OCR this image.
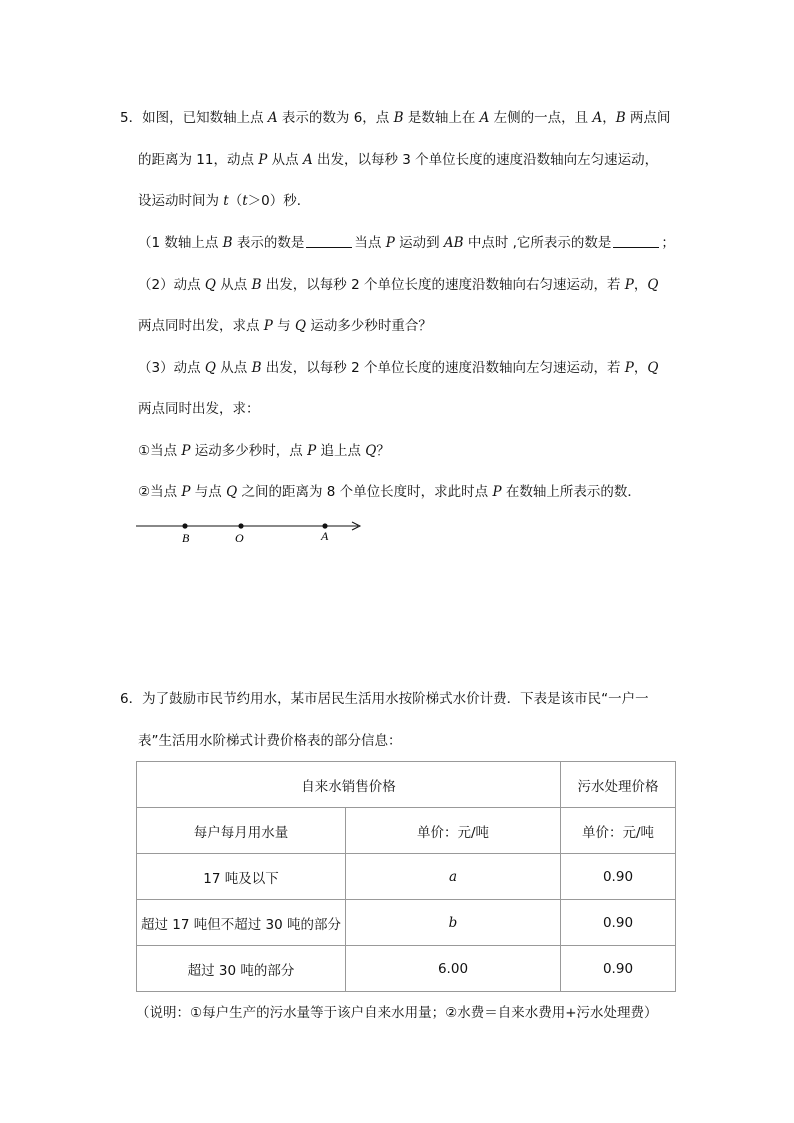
5．如图，已知数轴上点 A 表示的数为 6，点 B 是数轴上在 A 左侧的一点，且 A，B 两点间
的距离为 11，动点 P 从点 A 出发，以每秒 3 个单位长度的速度沿数轴向左匀速运动，
设运动时间为 t（t＞0）秒．
（1 数轴上点 B 表示的数是	当点 P 运动到 AB 中点时 ,它所表示的数是	；
（2）动点 Q 从点 B 出发，以每秒 2 个单位长度的速度沿数轴向右匀速运动，若 P，Q
两点同时出发，求点 P 与 Q 运动多少秒时重合？
（3）动点 Q 从点 B 出发，以每秒 2 个单位长度的速度沿数轴向左匀速运动，若 P，Q
两点同时出发，求：
①当点 P 运动多少秒时，点 P 追上点 Q？
②当点 P 与点 Q 之间的距离为 8 个单位长度时，求此时点 P 在数轴上所表示的数．
B	O	A
6．为了鼓励市民节约用水，某市居民生活用水按阶梯式水价计费．下表是该市民“一户一
表”生活用水阶梯式计费价格表的部分信息：
自来水销售价格		污水处理价格
每户每月用水量	单价：元/吨	单价：元/吨
17 吨及以下	a	0.90
超过 17 吨但不超过 30 吨的部分	b	0.90
超过 30 吨的部分	6.00	0.90
（说明：①每户生产的污水量等于该户自来水用量；②水费＝自来水费用+污水处理费）
